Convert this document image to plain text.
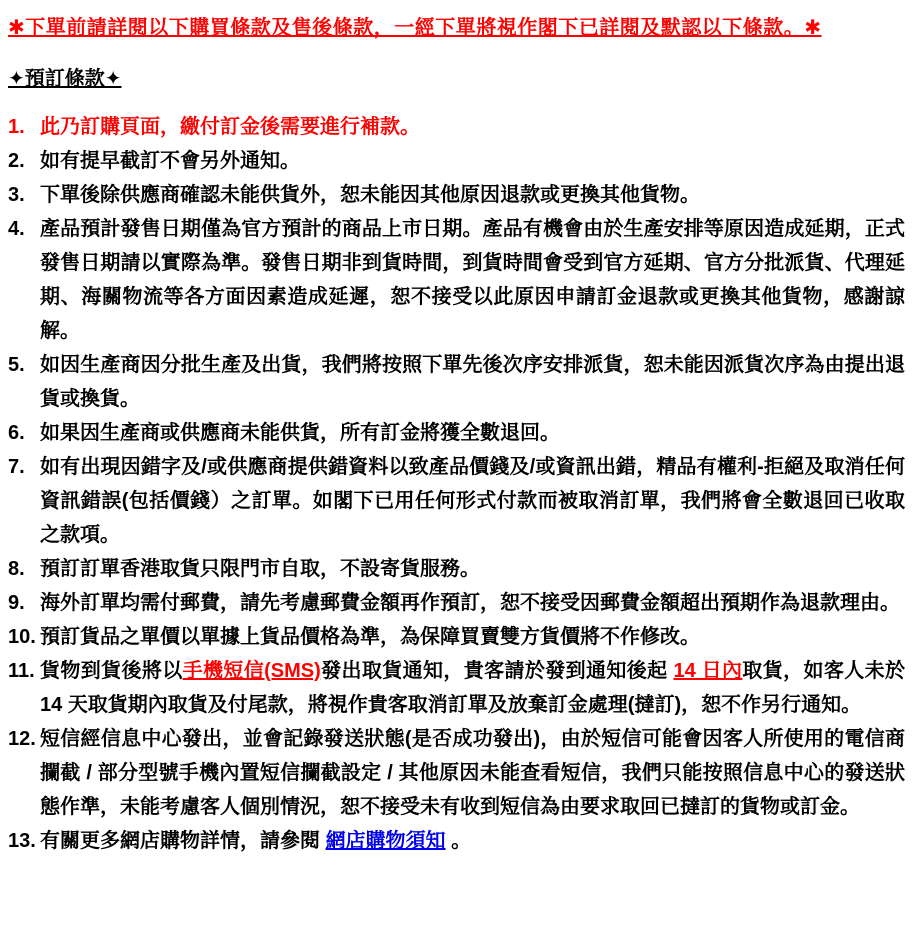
✱下單前請詳閱以下購買條款及售後條款，一經下單將視作閣下已詳閱及默認以下條款。✱
✦預訂條款✦
1. 此乃訂購頁面，繳付訂金後需要進行補款。
2. 如有提早截訂不會另外通知。
3. 下單後除供應商確認未能供貨外，恕未能因其他原因退款或更換其他貨物。
4. 產品預計發售日期僅為官方預計的商品上市日期。產品有機會由於生產安排等原因造成延期，正式發售日期請以實際為準。發售日期非到貨時間，到貨時間會受到官方延期、官方分批派貨、代理延期、海關物流等各方面因素造成延遲，恕不接受以此原因申請訂金退款或更換其他貨物，感謝諒解。
5. 如因生產商因分批生產及出貨，我們將按照下單先後次序安排派貨，恕未能因派貨次序為由提出退貨或換貨。
6. 如果因生產商或供應商未能供貨，所有訂金將獲全數退回。
7. 如有出現因錯字及/或供應商提供錯資料以致產品價錢及/或資訊出錯，精品有權利-拒絕及取消任何資訊錯誤(包括價錢）之訂單。如閣下已用任何形式付款而被取消訂單，我們將會全數退回已收取之款項。
8. 預訂訂單香港取貨只限門市自取，不設寄貨服務。
9. 海外訂單均需付郵費，請先考慮郵費金額再作預訂，恕不接受因郵費金額超出預期作為退款理由。
10. 預訂貨品之單價以單據上貨品價格為準，為保障買賣雙方貨價將不作修改。
11. 貨物到貨後將以手機短信(SMS)發出取貨通知，貴客請於發到通知後起 14 日內取貨，如客人未於 14 天取貨期內取貨及付尾款，將視作貴客取消訂單及放棄訂金處理(撻訂)，恕不作另行通知。
12. 短信經信息中心發出，並會記錄發送狀態(是否成功發出)，由於短信可能會因客人所使用的電信商攔截 / 部分型號手機內置短信攔截設定 / 其他原因未能查看短信，我們只能按照信息中心的發送狀態作準，未能考慮客人個別情況，恕不接受未有收到短信為由要求取回已撻訂的貨物或訂金。
13. 有關更多網店購物詳情，請參閱 網店購物須知 。
